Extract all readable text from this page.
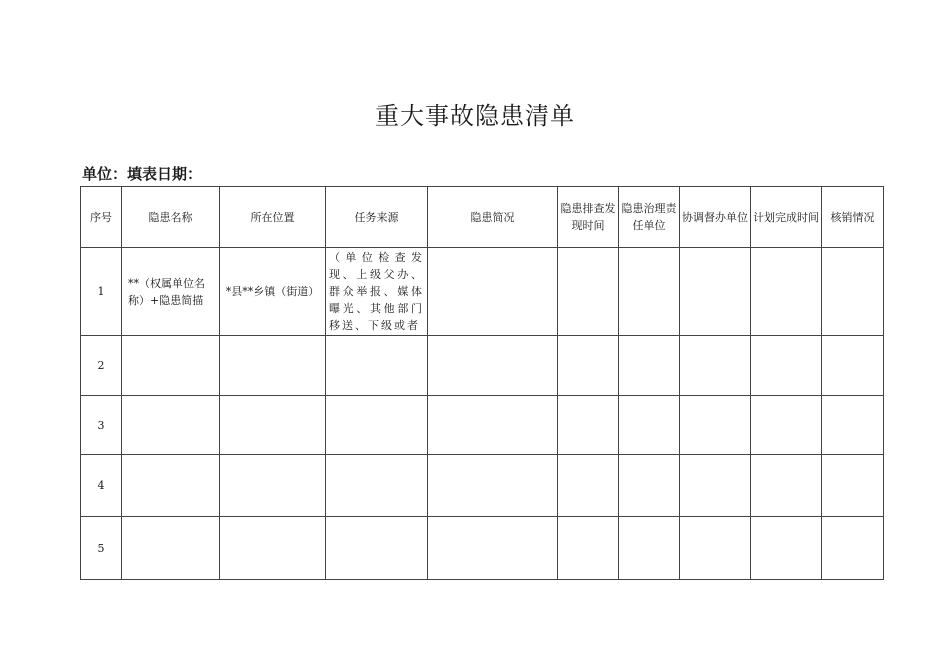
重大事故隐患清单
单位：填表日期：
序号	隐患名称	所在位置	任务来源	隐患简况	隐患排查发现时间	隐患治理责任单位	协调督办单位	计划完成时间	核销情况
1	**（权属单位名称）+隐患简描	*县**乡镇（街道）	（单位检查发现、上级父办、群众举报、媒体曝光、其他部门移送、下级或者						
2									
3									
4									
5									
